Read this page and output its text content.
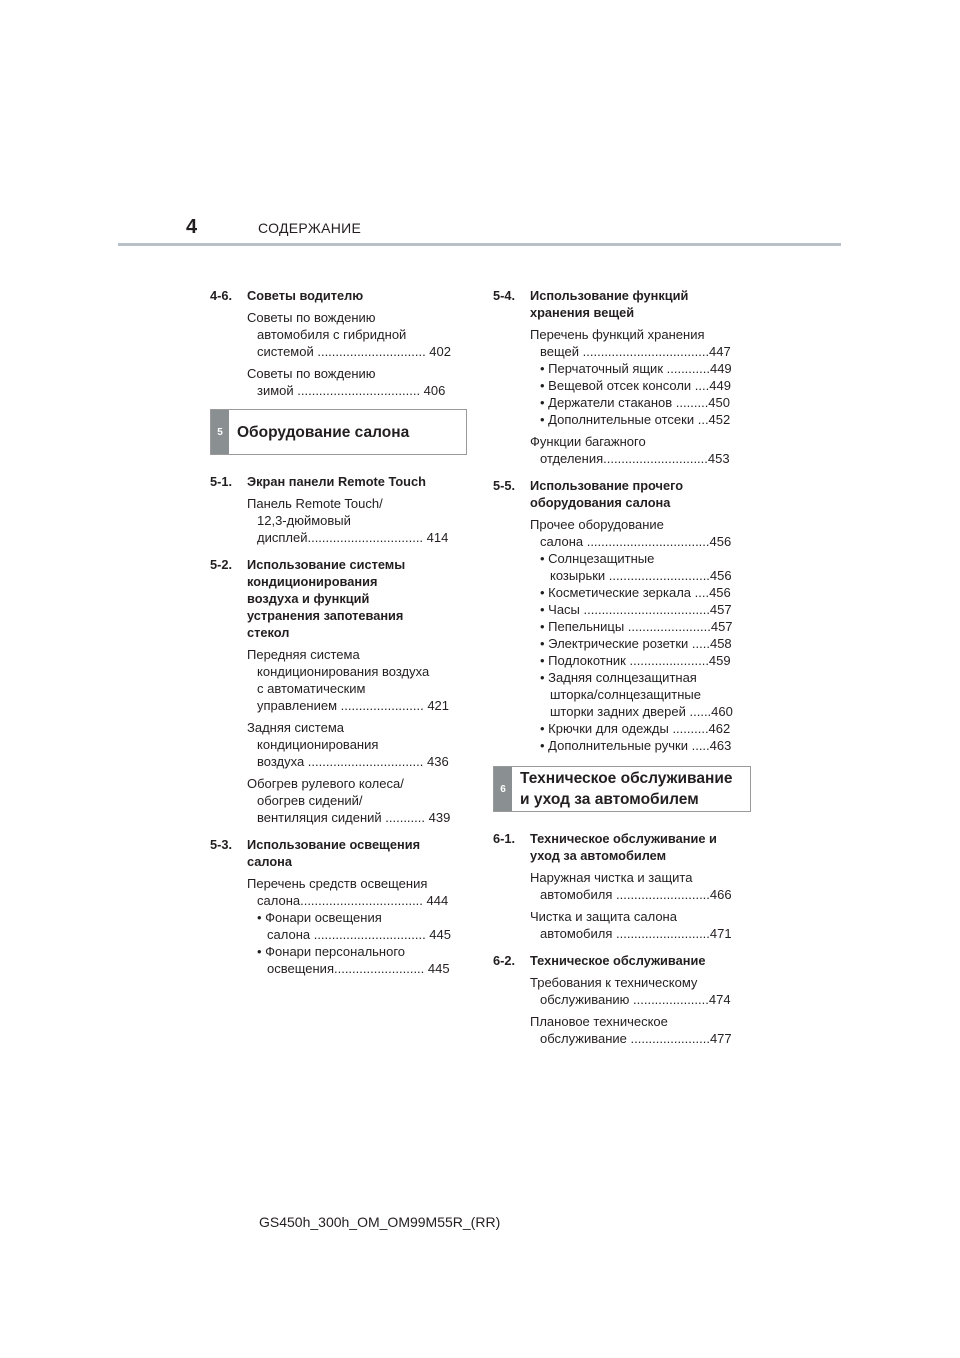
4	СОДЕРЖАНИЕ
4-6.	Советы водителю
Советы по вождению
автомобиля с гибридной
системой .............................. 402
Советы по вождению
зимой .................................. 406
5 Оборудование салона
5-1.	Экран панели Remote Touch
Панель Remote Touch/
12,3-дюймовый
дисплей................................ 414
5-2.	Использование системы
кондиционирования
воздуха и функций
устранения запотевания
стекол
Передняя система
кондиционирования воздуха
с автоматическим
управлением ....................... 421
Задняя система
кондиционирования
воздуха ................................ 436
Обогрев рулевого колеса/
обогрев сидений/
вентиляция сидений ........... 439
5-3.	Использование освещения
салона
Перечень средств освещения
салона.................................. 444
• Фонари освещения
салона ............................... 445
• Фонари персонального
освещения......................... 445
5-4.	Использование функций
хранения вещей
Перечень функций хранения
вещей ...................................447
• Перчаточный ящик ............449
• Вещевой отсек консоли ....449
• Держатели стаканов .........450
• Дополнительные отсеки ...452
Функции багажного
отделения.............................453
5-5.	Использование прочего
оборудования салона
Прочее оборудование
салона ..................................456
• Солнцезащитные
козырьки ............................456
• Косметические зеркала ....456
• Часы ...................................457
• Пепельницы .......................457
• Электрические розетки .....458
• Подлокотник ......................459
• Задняя солнцезащитная
шторка/солнцезащитные
шторки задних дверей ......460
• Крючки для одежды ..........462
• Дополнительные ручки .....463
6
Техническое обслуживание
и уход за автомобилем
6-1.	Техническое обслуживание и
уход за автомобилем
Наружная чистка и защита
автомобиля ..........................466
Чистка и защита салона
автомобиля ..........................471
6-2.	Техническое обслуживание
Требования к техническому
обслуживанию .....................474
Плановое техническое
обслуживание ......................477
GS450h_300h_OM_OM99M55R_(RR)
